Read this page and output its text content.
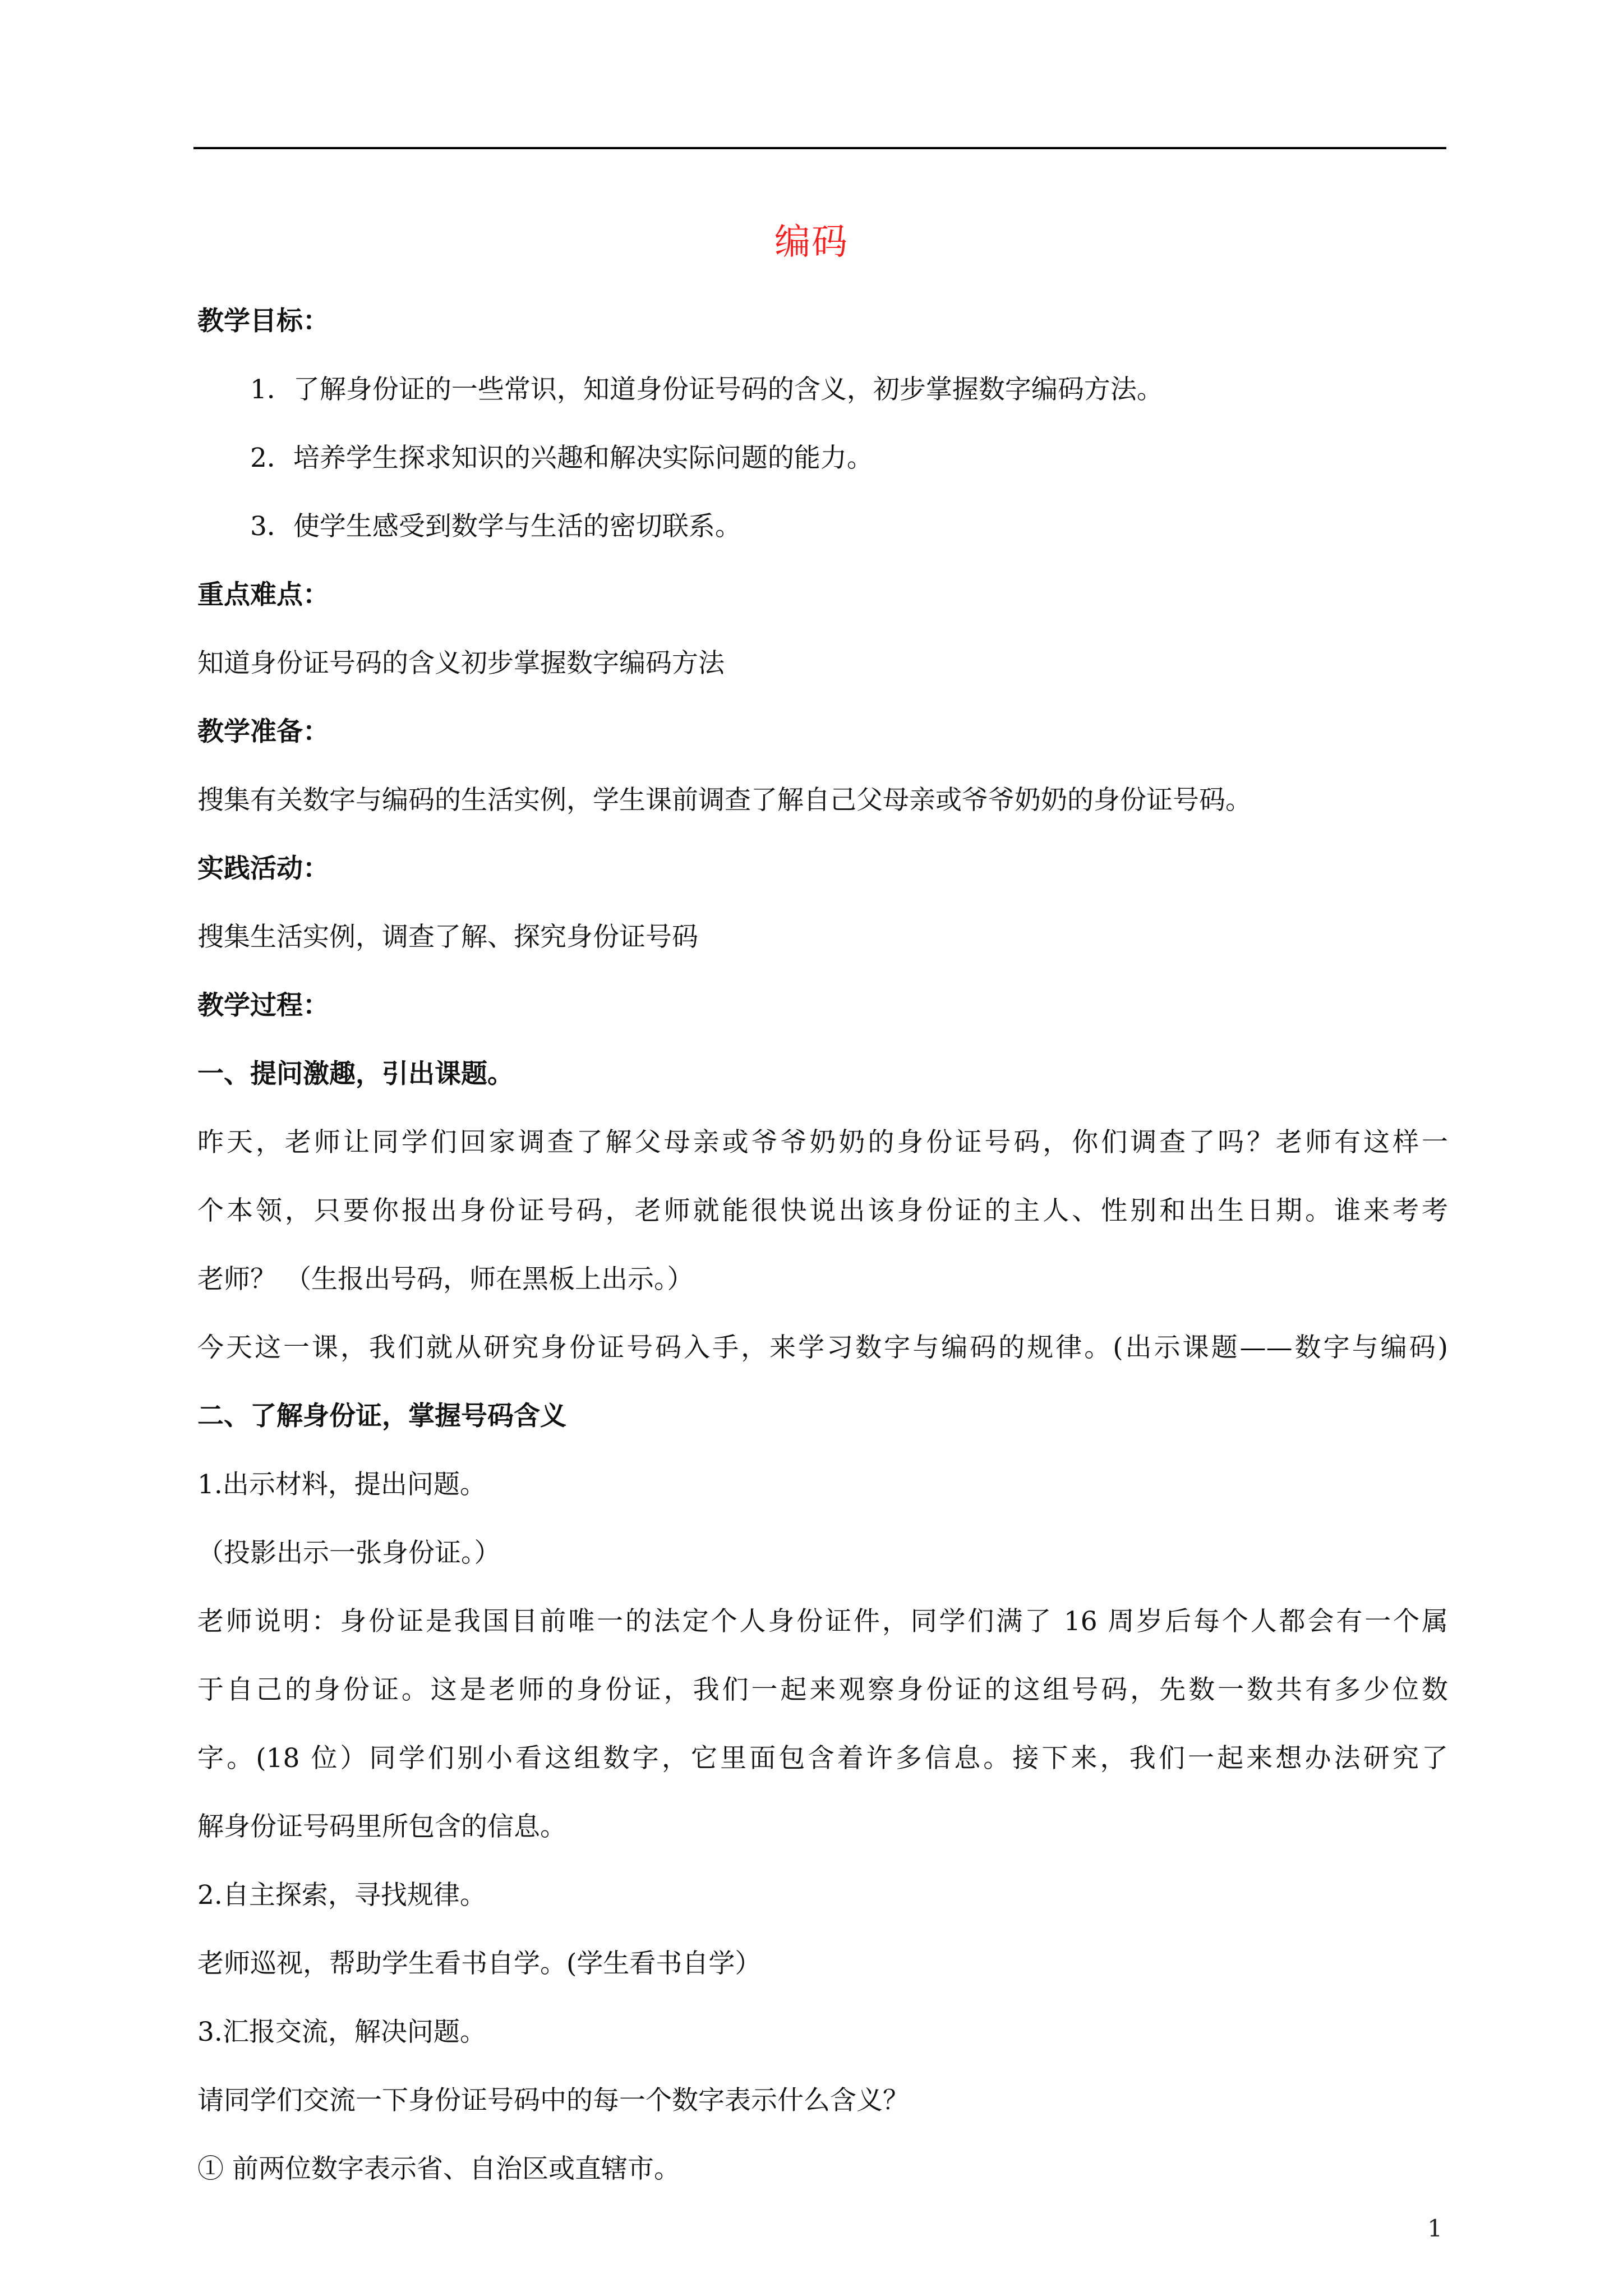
编码
教学目标：
1．了解身份证的一些常识，知道身份证号码的含义，初步掌握数字编码方法。
2．培养学生探求知识的兴趣和解决实际问题的能力。
3．使学生感受到数学与生活的密切联系。
重点难点：
知道身份证号码的含义初步掌握数字编码方法
教学准备：
搜集有关数字与编码的生活实例，学生课前调查了解自己父母亲或爷爷奶奶的身份证号码。
实践活动：
搜集生活实例，调查了解、探究身份证号码
教学过程：
一、提问激趣，引出课题。
昨天，老师让同学们回家调查了解父母亲或爷爷奶奶的身份证号码，你们调查了吗？老师有这样一
个本领，只要你报出身份证号码，老师就能很快说出该身份证的主人、性别和出生日期。谁来考考
老师？ （生报出号码，师在黑板上出示。）
今天这一课，我们就从研究身份证号码入手，来学习数字与编码的规律。(出示课题——数字与编码)
二、了解身份证，掌握号码含义
1.出示材料，提出问题。
（投影出示一张身份证。）
老师说明：身份证是我国目前唯一的法定个人身份证件，同学们满了 16 周岁后每个人都会有一个属
于自己的身份证。这是老师的身份证，我们一起来观察身份证的这组号码，先数一数共有多少位数
字。(18 位）同学们别小看这组数字，它里面包含着许多信息。接下来，我们一起来想办法研究了
解身份证号码里所包含的信息。
2.自主探索，寻找规律。
老师巡视，帮助学生看书自学。(学生看书自学）
3.汇报交流，解决问题。
请同学们交流一下身份证号码中的每一个数字表示什么含义？
① 前两位数字表示省、自治区或直辖市。
1
